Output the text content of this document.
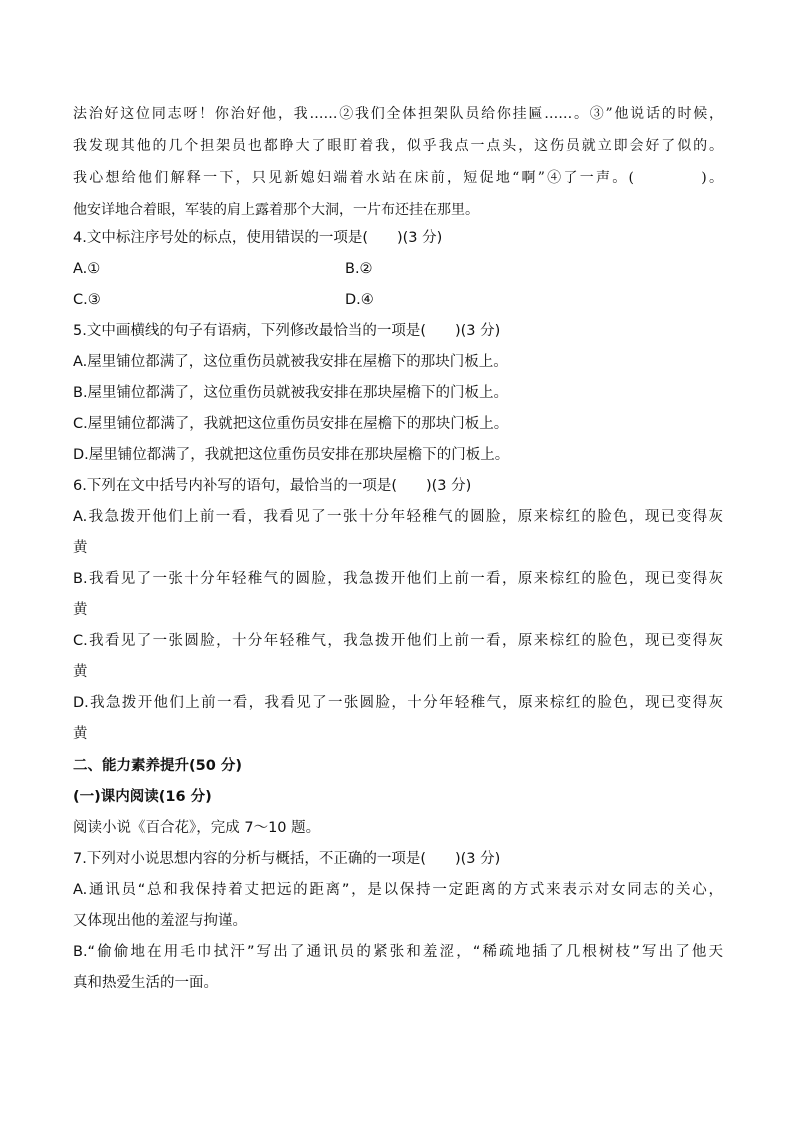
法治好这位同志呀！你治好他，我……②我们全体担架队员给你挂匾……。③”他说话的时候，
我发现其他的几个担架员也都睁大了眼盯着我，似乎我点一点头，这伤员就立即会好了似的。
我心想给他们解释一下，只见新媳妇端着水站在床前，短促地“啊”④了一声。(　　　　)。
他安详地合着眼，军装的肩上露着那个大洞，一片布还挂在那里。
4.文中标注序号处的标点，使用错误的一项是(　　)(3 分)
A.①	B.②
C.③	D.④
5.文中画横线的句子有语病，下列修改最恰当的一项是(　　)(3 分)
A.屋里铺位都满了，这位重伤员就被我安排在屋檐下的那块门板上。
B.屋里铺位都满了，这位重伤员就被我安排在那块屋檐下的门板上。
C.屋里铺位都满了，我就把这位重伤员安排在屋檐下的那块门板上。
D.屋里铺位都满了，我就把这位重伤员安排在那块屋檐下的门板上。
6.下列在文中括号内补写的语句，最恰当的一项是(　　)(3 分)
A.我急拨开他们上前一看，我看见了一张十分年轻稚气的圆脸，原来棕红的脸色，现已变得灰
黄
B.我看见了一张十分年轻稚气的圆脸，我急拨开他们上前一看，原来棕红的脸色，现已变得灰
黄
C.我看见了一张圆脸，十分年轻稚气，我急拨开他们上前一看，原来棕红的脸色，现已变得灰
黄
D.我急拨开他们上前一看，我看见了一张圆脸，十分年轻稚气，原来棕红的脸色，现已变得灰
黄
二、能力素养提升(50 分)
(一)课内阅读(16 分)
阅读小说《百合花》，完成 7～10 题。
7.下列对小说思想内容的分析与概括，不正确的一项是(　　)(3 分)
A.通讯员“总和我保持着丈把远的距离”，是以保持一定距离的方式来表示对女同志的关心，
又体现出他的羞涩与拘谨。
B.“偷偷地在用毛巾拭汗”写出了通讯员的紧张和羞涩，“稀疏地插了几根树枝”写出了他天
真和热爱生活的一面。
